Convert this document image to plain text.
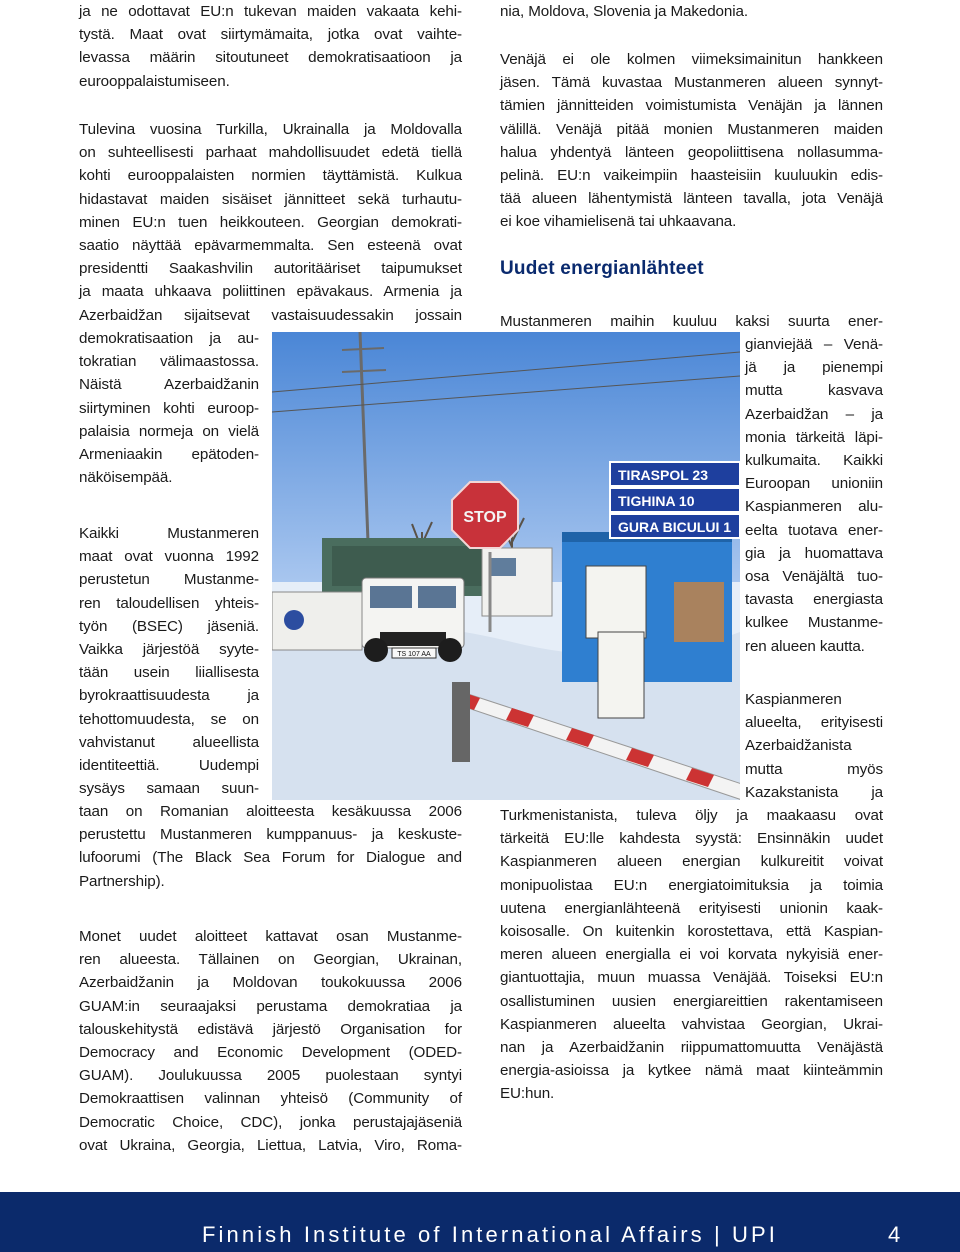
ja ne odottavat EU:n tukevan maiden vakaata kehi-
tystä. Maat ovat siirtymämaita, jotka ovat vaihte-
levassa määrin sitoutuneet demokratisaatioon ja
eurooppalaistumiseen.
Tulevina vuosina Turkilla, Ukrainalla ja Moldovalla
on suhteellisesti parhaat mahdollisuudet edetä tiellä
kohti eurooppalaisten normien täyttämistä. Kulkua
hidastavat maiden sisäiset jännitteet sekä turhautu-
minen EU:n tuen heikkouteen. Georgian demokrati-
saatio näyttää epävarmemmalta. Sen esteenä ovat
presidentti Saakashvilin autoritääriset taipumukset
ja maata uhkaava poliittinen epävakaus. Armenia ja
Azerbaidžan sijaitsevat vastaisuudessakin jossain
demokratisaation ja au-
tokratian välimaastossa.
Näistä Azerbaidžanin
siirtyminen kohti euroop-
palaisia normeja on vielä
Armeniaakin epätoden-
näköisempää.
Kaikki Mustanmeren
maat ovat vuonna 1992
perustetun Mustanme-
ren taloudellisen yhteis-
työn (BSEC) jäseniä.
Vaikka järjestöä syyte-
tään usein liiallisesta
byrokraattisuudesta ja
tehottomuudesta, se on
vahvistanut alueellista
identiteettiä. Uudempi
sysäys samaan suun-
taan on Romanian aloitteesta kesäkuussa 2006
perustettu Mustanmeren kumppanuus- ja keskuste-
lufoorumi (The Black Sea Forum for Dialogue and
Partnership).
Monet uudet aloitteet kattavat osan Mustanme-
ren alueesta. Tällainen on Georgian, Ukrainan,
Azerbaidžanin ja Moldovan toukokuussa 2006
GUAM:in seuraajaksi perustama demokratiaa ja
talouskehitystä edistävä järjestö Organisation for
Democracy and Economic Development (ODED-
GUAM). Joulukuussa 2005 puolestaan syntyi
Demokraattisen valinnan yhteisö (Community of
Democratic Choice, CDC), jonka perustajajäseniä
ovat Ukraina, Georgia, Liettua, Latvia, Viro, Roma-
nia, Moldova, Slovenia ja Makedonia.
Venäjä ei ole kolmen viimeksimainitun hankkeen
jäsen. Tämä kuvastaa Mustanmeren alueen synnyt-
tämien jännitteiden voimistumista Venäjän ja lännen
välillä. Venäjä pitää monien Mustanmeren maiden
halua yhdentyä länteen geopoliittisena nollasumma-
pelinä. EU:n vaikeimpiin haasteisiin kuuluukin edis-
tää alueen lähentymistä länteen tavalla, jota Venäjä
ei koe vihamielisenä tai uhkaavana.
Mustanmeren maihin kuuluu kaksi suurta ener-
gianviejää – Venä-
jä ja pienempi
mutta kasvava
Azerbaidžan – ja
monia tärkeitä läpi-
kulkumaita. Kaikki
Euroopan unioniin
Kaspianmeren alu-
eelta tuotava ener-
gia ja huomattava
osa Venäjältä tuo-
tavasta energiasta
kulkee Mustanme-
ren alueen kautta.
Kaspianmeren
alueelta, erityisesti
Azerbaidžanista
mutta myös
Kazakstanista ja
Turkmenistanista, tuleva öljy ja maakaasu ovat
tärkeitä EU:lle kahdesta syystä: Ensinnäkin uudet
Kaspianmeren alueen energian kulkureitit voivat
monipuolistaa EU:n energiatoimituksia ja toimia
uutena energianlähteenä erityisesti unionin kaak-
koisosalle. On kuitenkin korostettava, että Kaspian-
meren alueen energialla ei voi korvata nykyisiä ener-
giantuottajia, muun muassa Venäjää. Toiseksi EU:n
osallistuminen uusien energiareittien rakentamiseen
Kaspianmeren alueelta vahvistaa Georgian, Ukrai-
nan ja Azerbaidžanin riippumattomuutta Venäjästä
energia-asioissa ja kytkee nämä maat kiinteämmin
EU:hun.
Uudet energianlähteet
TS 107 AA
STOP
TIRASPOL 23
TIGHINA 10
GURA BICULUI 1
Finnish Institute of International Affairs | UPI	4
